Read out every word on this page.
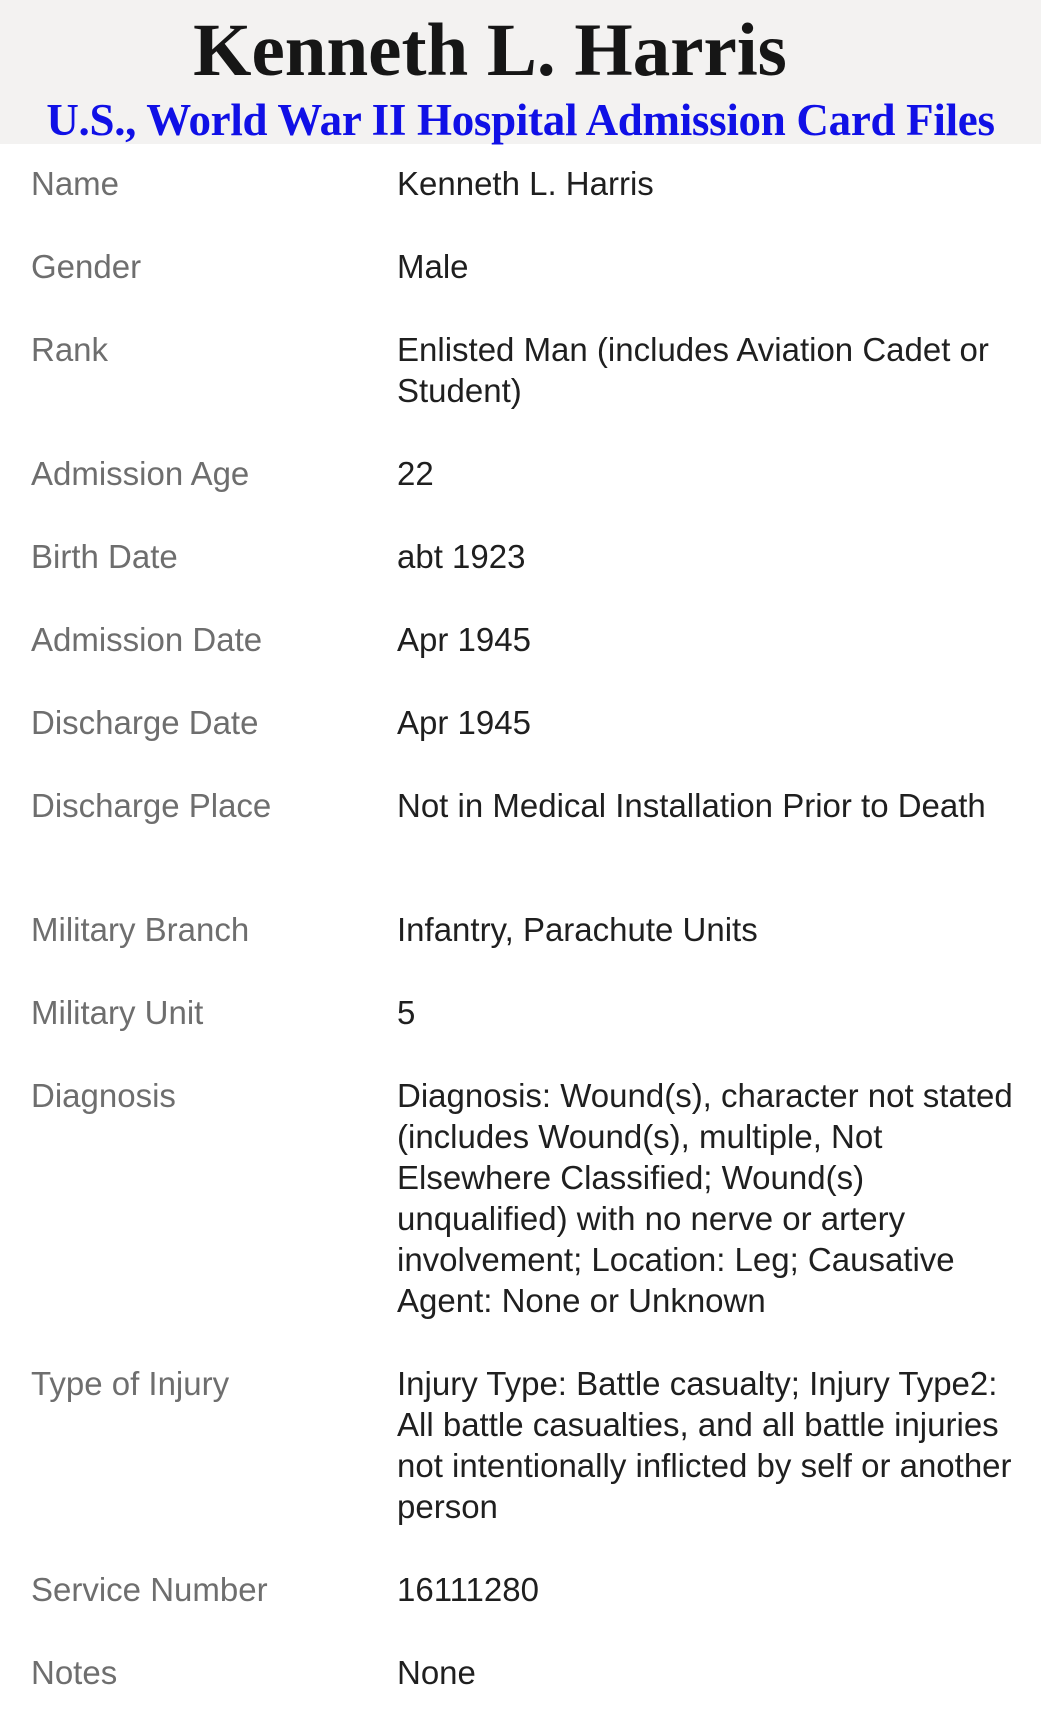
Kenneth L. Harris
U.S., World War II Hospital Admission Card Files
Name	Kenneth L. Harris
Gender	Male
Rank	Enlisted Man (includes Aviation Cadet or Student)
Admission Age	22
Birth Date	abt 1923
Admission Date	Apr 1945
Discharge Date	Apr 1945
Discharge Place	Not in Medical Installation Prior to Death
Military Branch	Infantry, Parachute Units
Military Unit	5
Diagnosis	Diagnosis: Wound(s), character not stated (includes Wound(s), multiple, Not Elsewhere Classified; Wound(s) unqualified) with no nerve or artery involvement; Location: Leg; Causative Agent: None or Unknown
Type of Injury	Injury Type: Battle casualty; Injury Type2: All battle casualties, and all battle injuries not intentionally inflicted by self or another person
Service Number	16111280
Notes	None
